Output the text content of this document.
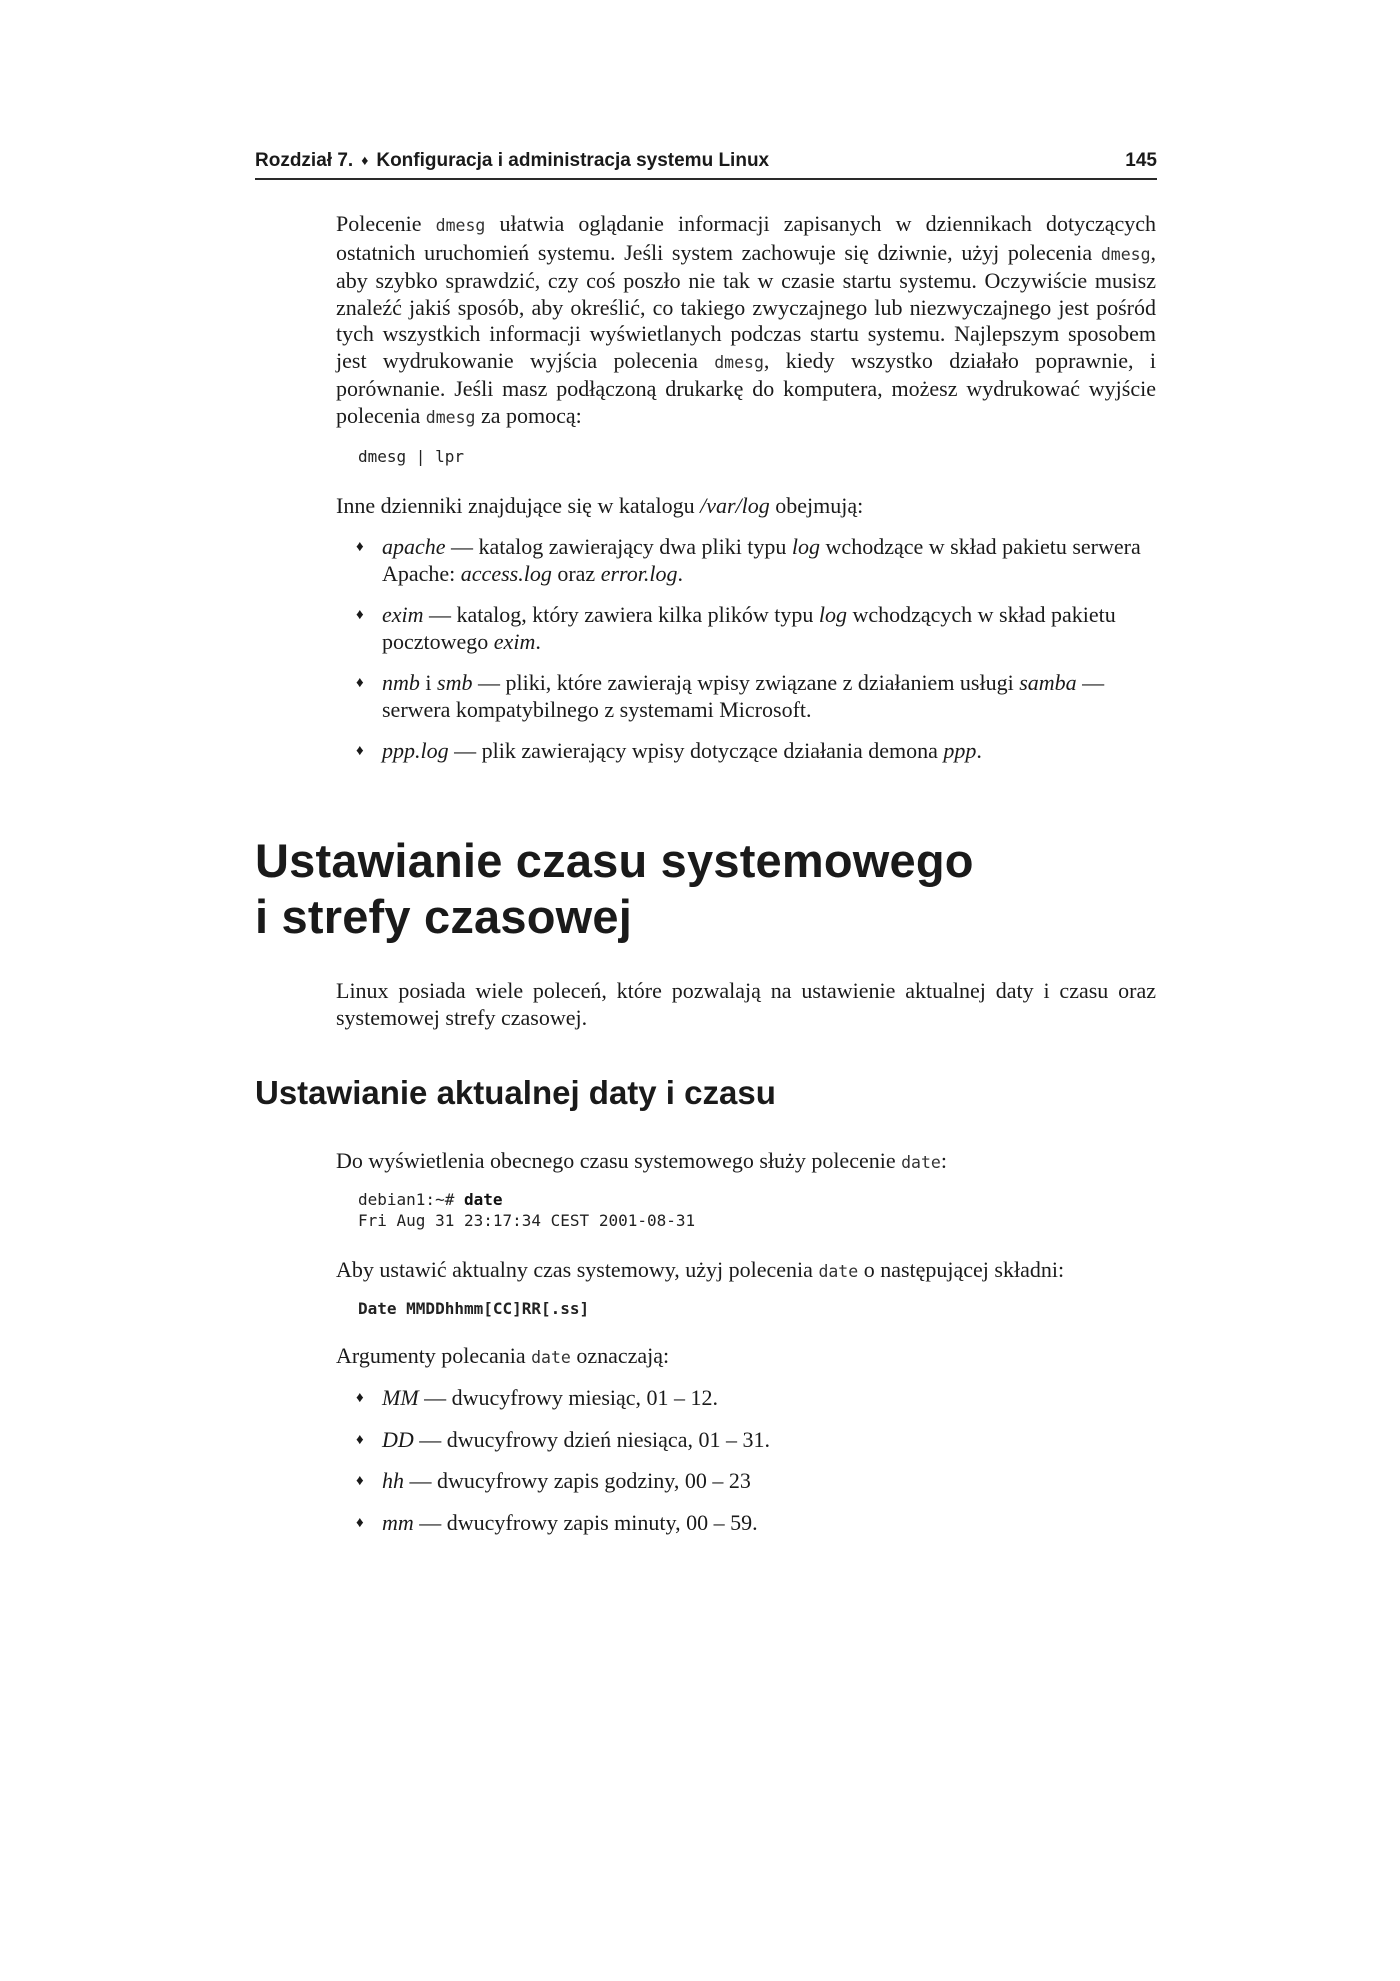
Rozdział 7. ♦ Konfiguracja i administracja systemu Linux	145

Polecenie dmesg ułatwia oglądanie informacji zapisanych w dziennikach dotyczących ostatnich uruchomień systemu. Jeśli system zachowuje się dziwnie, użyj polecenia dmesg, aby szybko sprawdzić, czy coś poszło nie tak w czasie startu systemu. Oczywiście musisz znaleźć jakiś sposób, aby określić, co takiego zwyczajnego lub niezwyczajnego jest pośród tych wszystkich informacji wyświetlanych podczas startu systemu. Najlepszym sposobem jest wydrukowanie wyjścia polecenia dmesg, kiedy wszystko działało poprawnie, i porównanie. Jeśli masz podłączoną drukarkę do komputera, możesz wydrukować wyjście polecenia dmesg za pomocą:

dmesg | lpr

Inne dzienniki znajdujące się w katalogu /var/log obejmują:

♦ apache — katalog zawierający dwa pliki typu log wchodzące w skład pakietu serwera Apache: access.log oraz error.log.
♦ exim — katalog, który zawiera kilka plików typu log wchodzących w skład pakietu pocztowego exim.
♦ nmb i smb — pliki, które zawierają wpisy związane z działaniem usługi samba — serwera kompatybilnego z systemami Microsoft.
♦ ppp.log — plik zawierający wpisy dotyczące działania demona ppp.
Ustawianie czasu systemowego
i strefy czasowej

Linux posiada wiele poleceń, które pozwalają na ustawienie aktualnej daty i czasu oraz systemowej strefy czasowej.

Ustawianie aktualnej daty i czasu

Do wyświetlenia obecnego czasu systemowego służy polecenie date:

debian1:~# date
Fri Aug 31 23:17:34 CEST 2001-08-31

Aby ustawić aktualny czas systemowy, użyj polecenia date o następującej składni:

Date MMDDhhmm[CC]RR[.ss]

Argumenty polecania date oznaczają:

♦ MM — dwucyfrowy miesiąc, 01 – 12.
♦ DD — dwucyfrowy dzień niesiąca, 01 – 31.
♦ hh — dwucyfrowy zapis godziny, 00 – 23
♦ mm — dwucyfrowy zapis minuty, 00 – 59.
